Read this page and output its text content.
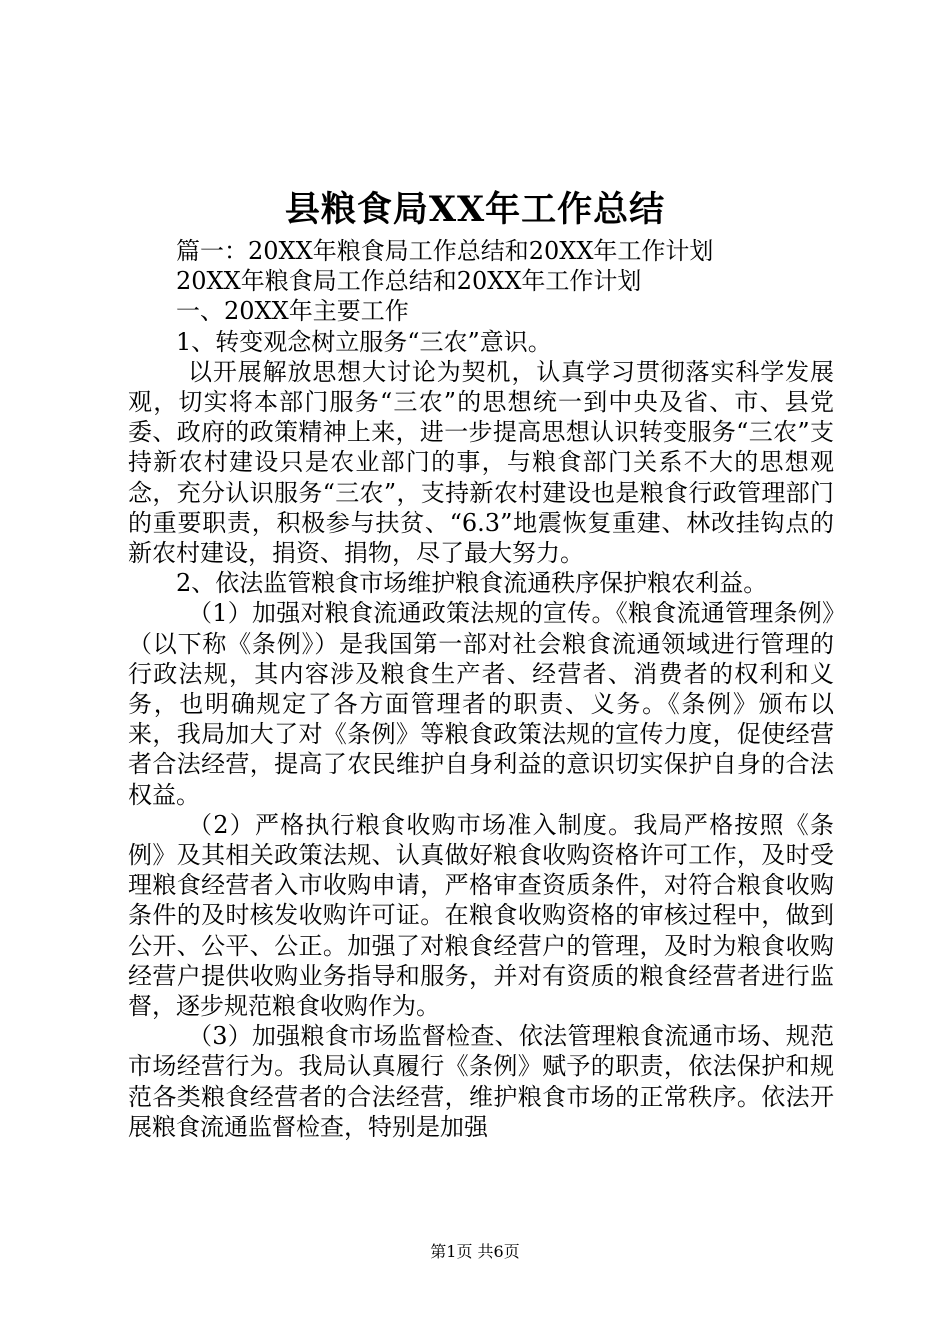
县粮食局XX年工作总结

篇一：20XX年粮食局工作总结和20XX年工作计划

20XX年粮食局工作总结和20XX年工作计划

一、20XX年主要工作

1、转变观念树立服务“三农”意识。

以开展解放思想大讨论为契机，认真学习贯彻落实科学发展观，切实将本部门服务“三农”的思想统一到中央及省、市、县党委、政府的政策精神上来，进一步提高思想认识转变服务“三农”支持新农村建设只是农业部门的事，与粮食部门关系不大的思想观念，充分认识服务“三农”，支持新农村建设也是粮食行政管理部门的重要职责，积极参与扶贫、“6.3”地震恢复重建、林改挂钩点的新农村建设，捐资、捐物，尽了最大努力。

2、依法监管粮食市场维护粮食流通秩序保护粮农利益。

（1）加强对粮食流通政策法规的宣传。《粮食流通管理条例》（以下称《条例》）是我国第一部对社会粮食流通领域进行管理的行政法规，其内容涉及粮食生产者、经营者、消费者的权利和义务，也明确规定了各方面管理者的职责、义务。《条例》颁布以来，我局加大了对《条例》等粮食政策法规的宣传力度，促使经营者合法经营，提高了农民维护自身利益的意识切实保护自身的合法权益。

（2）严格执行粮食收购市场准入制度。我局严格按照《条例》及其相关政策法规、认真做好粮食收购资格许可工作，及时受理粮食经营者入市收购申请，严格审查资质条件，对符合粮食收购条件的及时核发收购许可证。在粮食收购资格的审核过程中，做到公开、公平、公正。加强了对粮食经营户的管理，及时为粮食收购经营户提供收购业务指导和服务，并对有资质的粮食经营者进行监督，逐步规范粮食收购作为。

（3）加强粮食市场监督检查、依法管理粮食流通市场、规范市场经营行为。我局认真履行《条例》赋予的职责，依法保护和规范各类粮食经营者的合法经营，维护粮食市场的正常秩序。依法开展粮食流通监督检查，特别是加强

第1页 共6页
